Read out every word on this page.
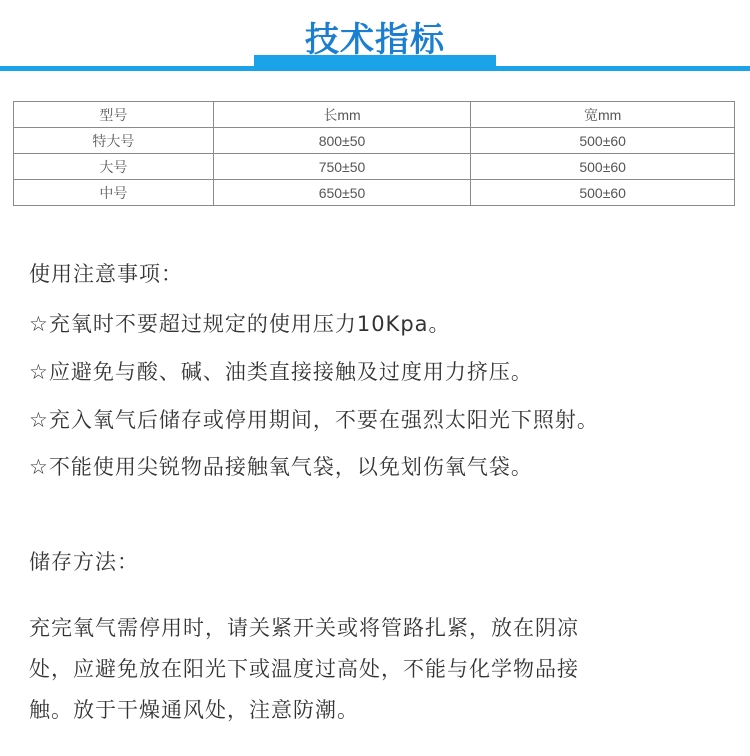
技术指标
型号	长mm	宽mm
特大号	800±50	500±60
大号	750±50	500±60
中号	650±50	500±60
使用注意事项：
☆充氧时不要超过规定的使用压力10Kpa。
☆应避免与酸、碱、油类直接接触及过度用力挤压。
☆充入氧气后储存或停用期间，不要在强烈太阳光下照射。
☆不能使用尖锐物品接触氧气袋，以免划伤氧气袋。
储存方法：
充完氧气需停用时，请关紧开关或将管路扎紧，放在阴凉
处，应避免放在阳光下或温度过高处，不能与化学物品接
触。放于干燥通风处，注意防潮。
